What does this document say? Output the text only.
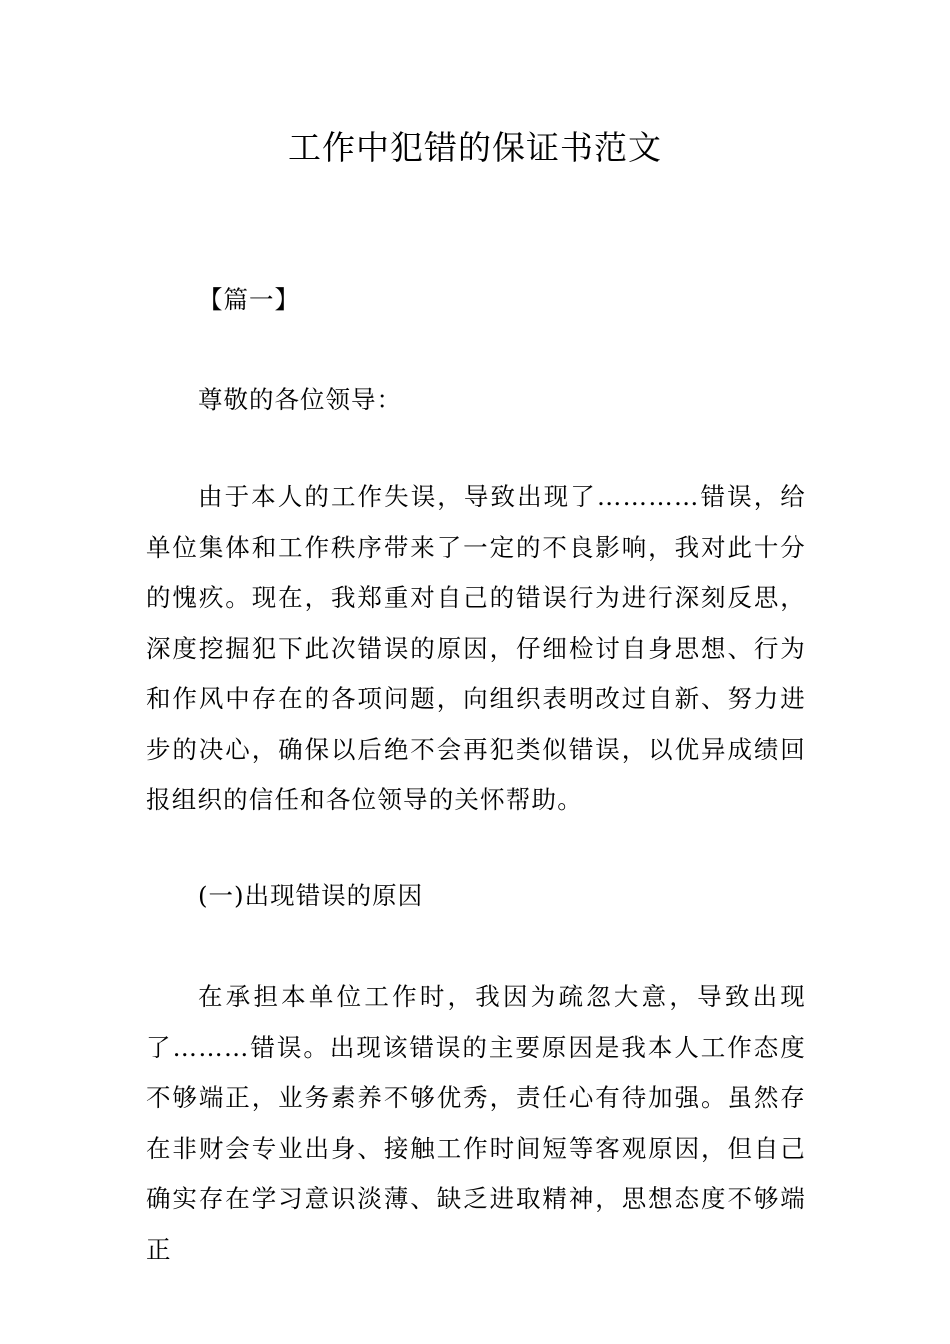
工作中犯错的保证书范文
【篇一】
尊敬的各位领导：
由于本人的工作失误，导致出现了…………错误，给单位集体和工作秩序带来了一定的不良影响，我对此十分的愧疚。现在，我郑重对自己的错误行为进行深刻反思，深度挖掘犯下此次错误的原因，仔细检讨自身思想、行为和作风中存在的各项问题，向组织表明改过自新、努力进步的决心，确保以后绝不会再犯类似错误，以优异成绩回报组织的信任和各位领导的关怀帮助。
(一)出现错误的原因
在承担本单位工作时，我因为疏忽大意，导致出现了………错误。出现该错误的主要原因是我本人工作态度不够端正，业务素养不够优秀，责任心有待加强。虽然存在非财会专业出身、接触工作时间短等客观原因，但自己确实存在学习意识淡薄、缺乏进取精神，思想态度不够端正
